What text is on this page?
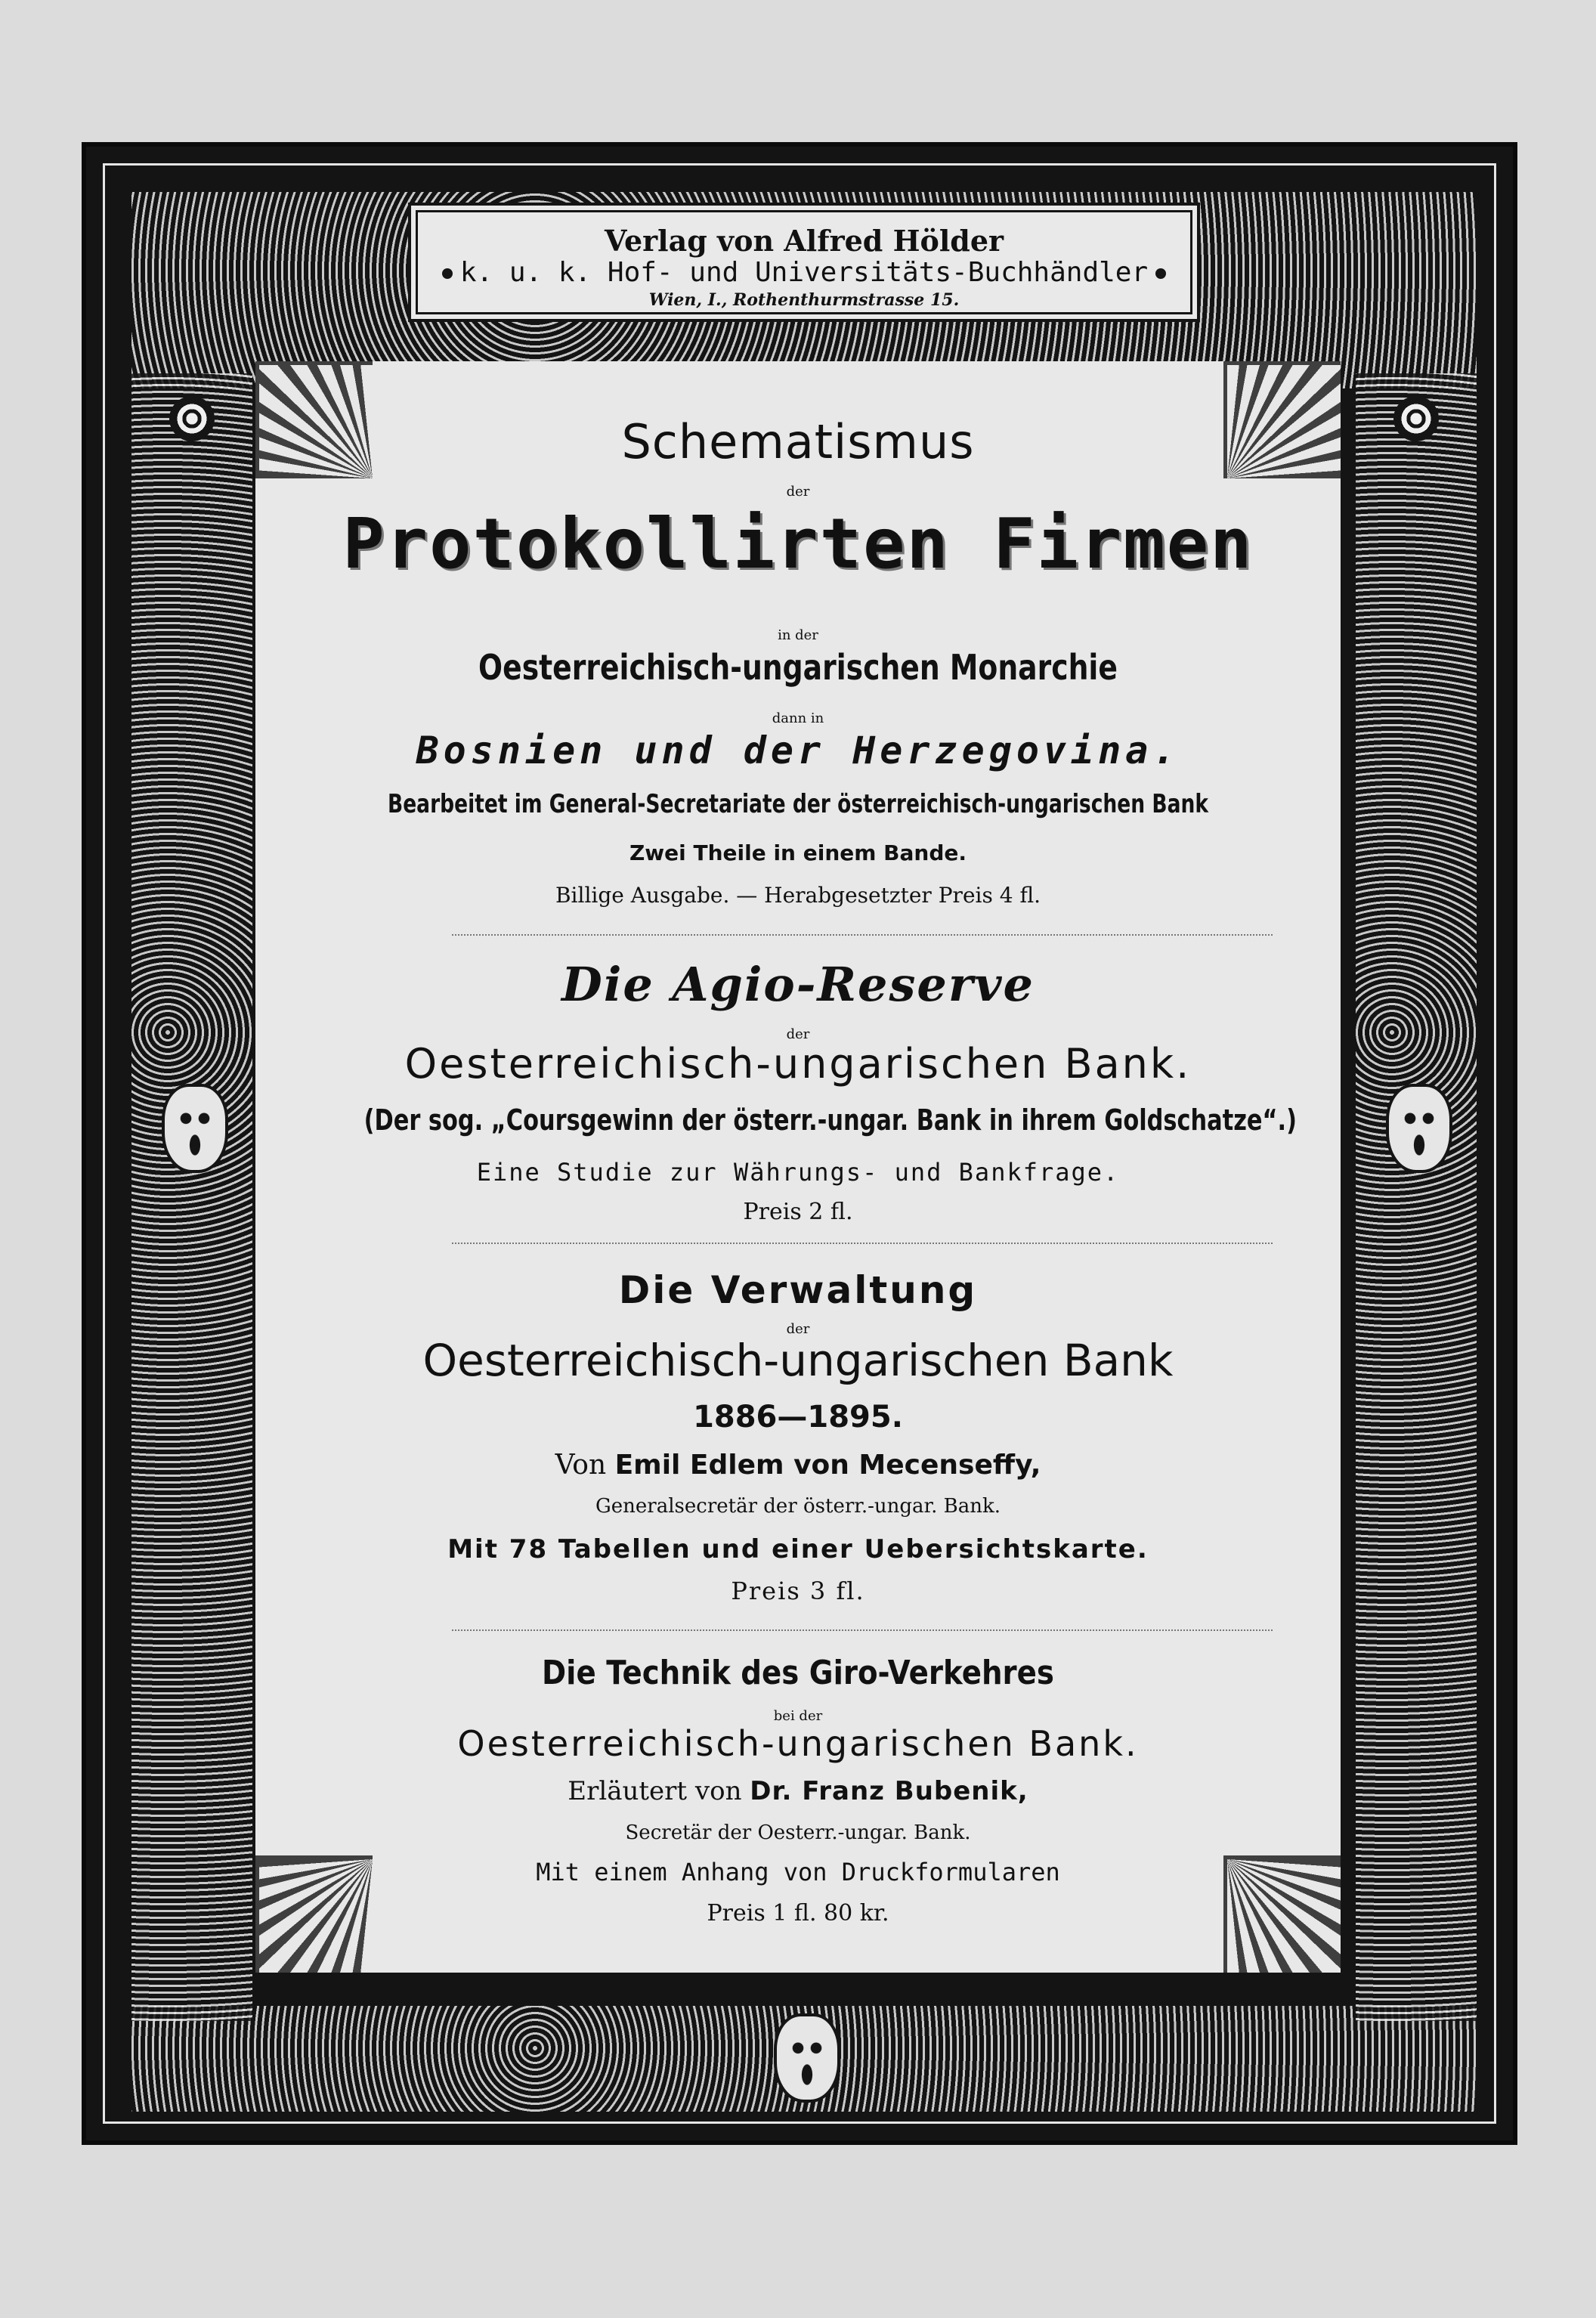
Verlag von Alfred Hölder
k. u. k. Hof- und Universitäts-Buchhändler
Wien, I., Rothenthurmstrasse 15.
Schematismus
der
Protokollirten Firmen
in der
Oesterreichisch-ungarischen Monarchie
dann in
Bosnien und der Herzegovina.
Bearbeitet im General-Secretariate der österreichisch-ungarischen Bank
Zwei Theile in einem Bande.
Billige Ausgabe. — Herabgesetzter Preis 4 fl.
Die Agio-Reserve
der
Oesterreichisch-ungarischen Bank.
(Der sog. „Coursgewinn der österr.-ungar. Bank in ihrem Goldschatze“.)
Eine Studie zur Währungs- und Bankfrage.
Preis 2 fl.
Die Verwaltung
der
Oesterreichisch-ungarischen Bank
1886—1895.
Von Emil Edlem von Mecenseffy,
Generalsecretär der österr.-ungar. Bank.
Mit 78 Tabellen und einer Uebersichtskarte.
Preis 3 fl.
Die Technik des Giro-Verkehres
bei der
Oesterreichisch-ungarischen Bank.
Erläutert von Dr. Franz Bubenik,
Secretär der Oesterr.-ungar. Bank.
Mit einem Anhang von Druckformularen
Preis 1 fl. 80 kr.
